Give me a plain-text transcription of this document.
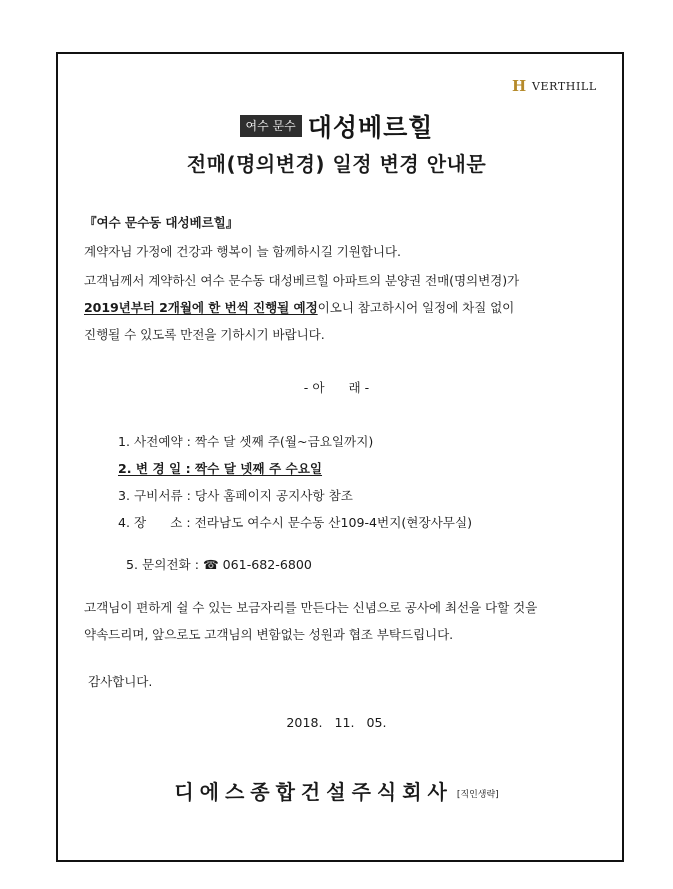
H VERTHILL
여수 문수 대성베르힐
전매(명의변경) 일정 변경 안내문
『여수 문수동 대성베르힐』
계약자님 가정에 건강과 행복이 늘 함께하시길 기원합니다.
고객님께서 계약하신 여수 문수동 대성베르힐 아파트의 분양권 전매(명의변경)가
2019년부터 2개월에 한 번씩 진행될 예정이오니 참고하시어 일정에 차질 없이
진행될 수 있도록 만전을 기하시기 바랍니다.
- 아      래 -
1. 사전예약 : 짝수 달 셋째 주(월~금요일까지)
2. 변 경 일 : 짝수 달 넷째 주 수요일
3. 구비서류 : 당사 홈페이지 공지사항 참조
4. 장      소 : 전라남도 여수시 문수동 산109-4번지(현장사무실)

5. 문의전화 : ☎ 061-682-6800

고객님이 편하게 쉴 수 있는 보금자리를 만든다는 신념으로 공사에 최선을 다할 것을
약속드리며, 앞으로도 고객님의 변함없는 성원과 협조 부탁드립니다.
감사합니다.
2018.   11.   05.
디에스종합건설주식회사 [직인생략]
